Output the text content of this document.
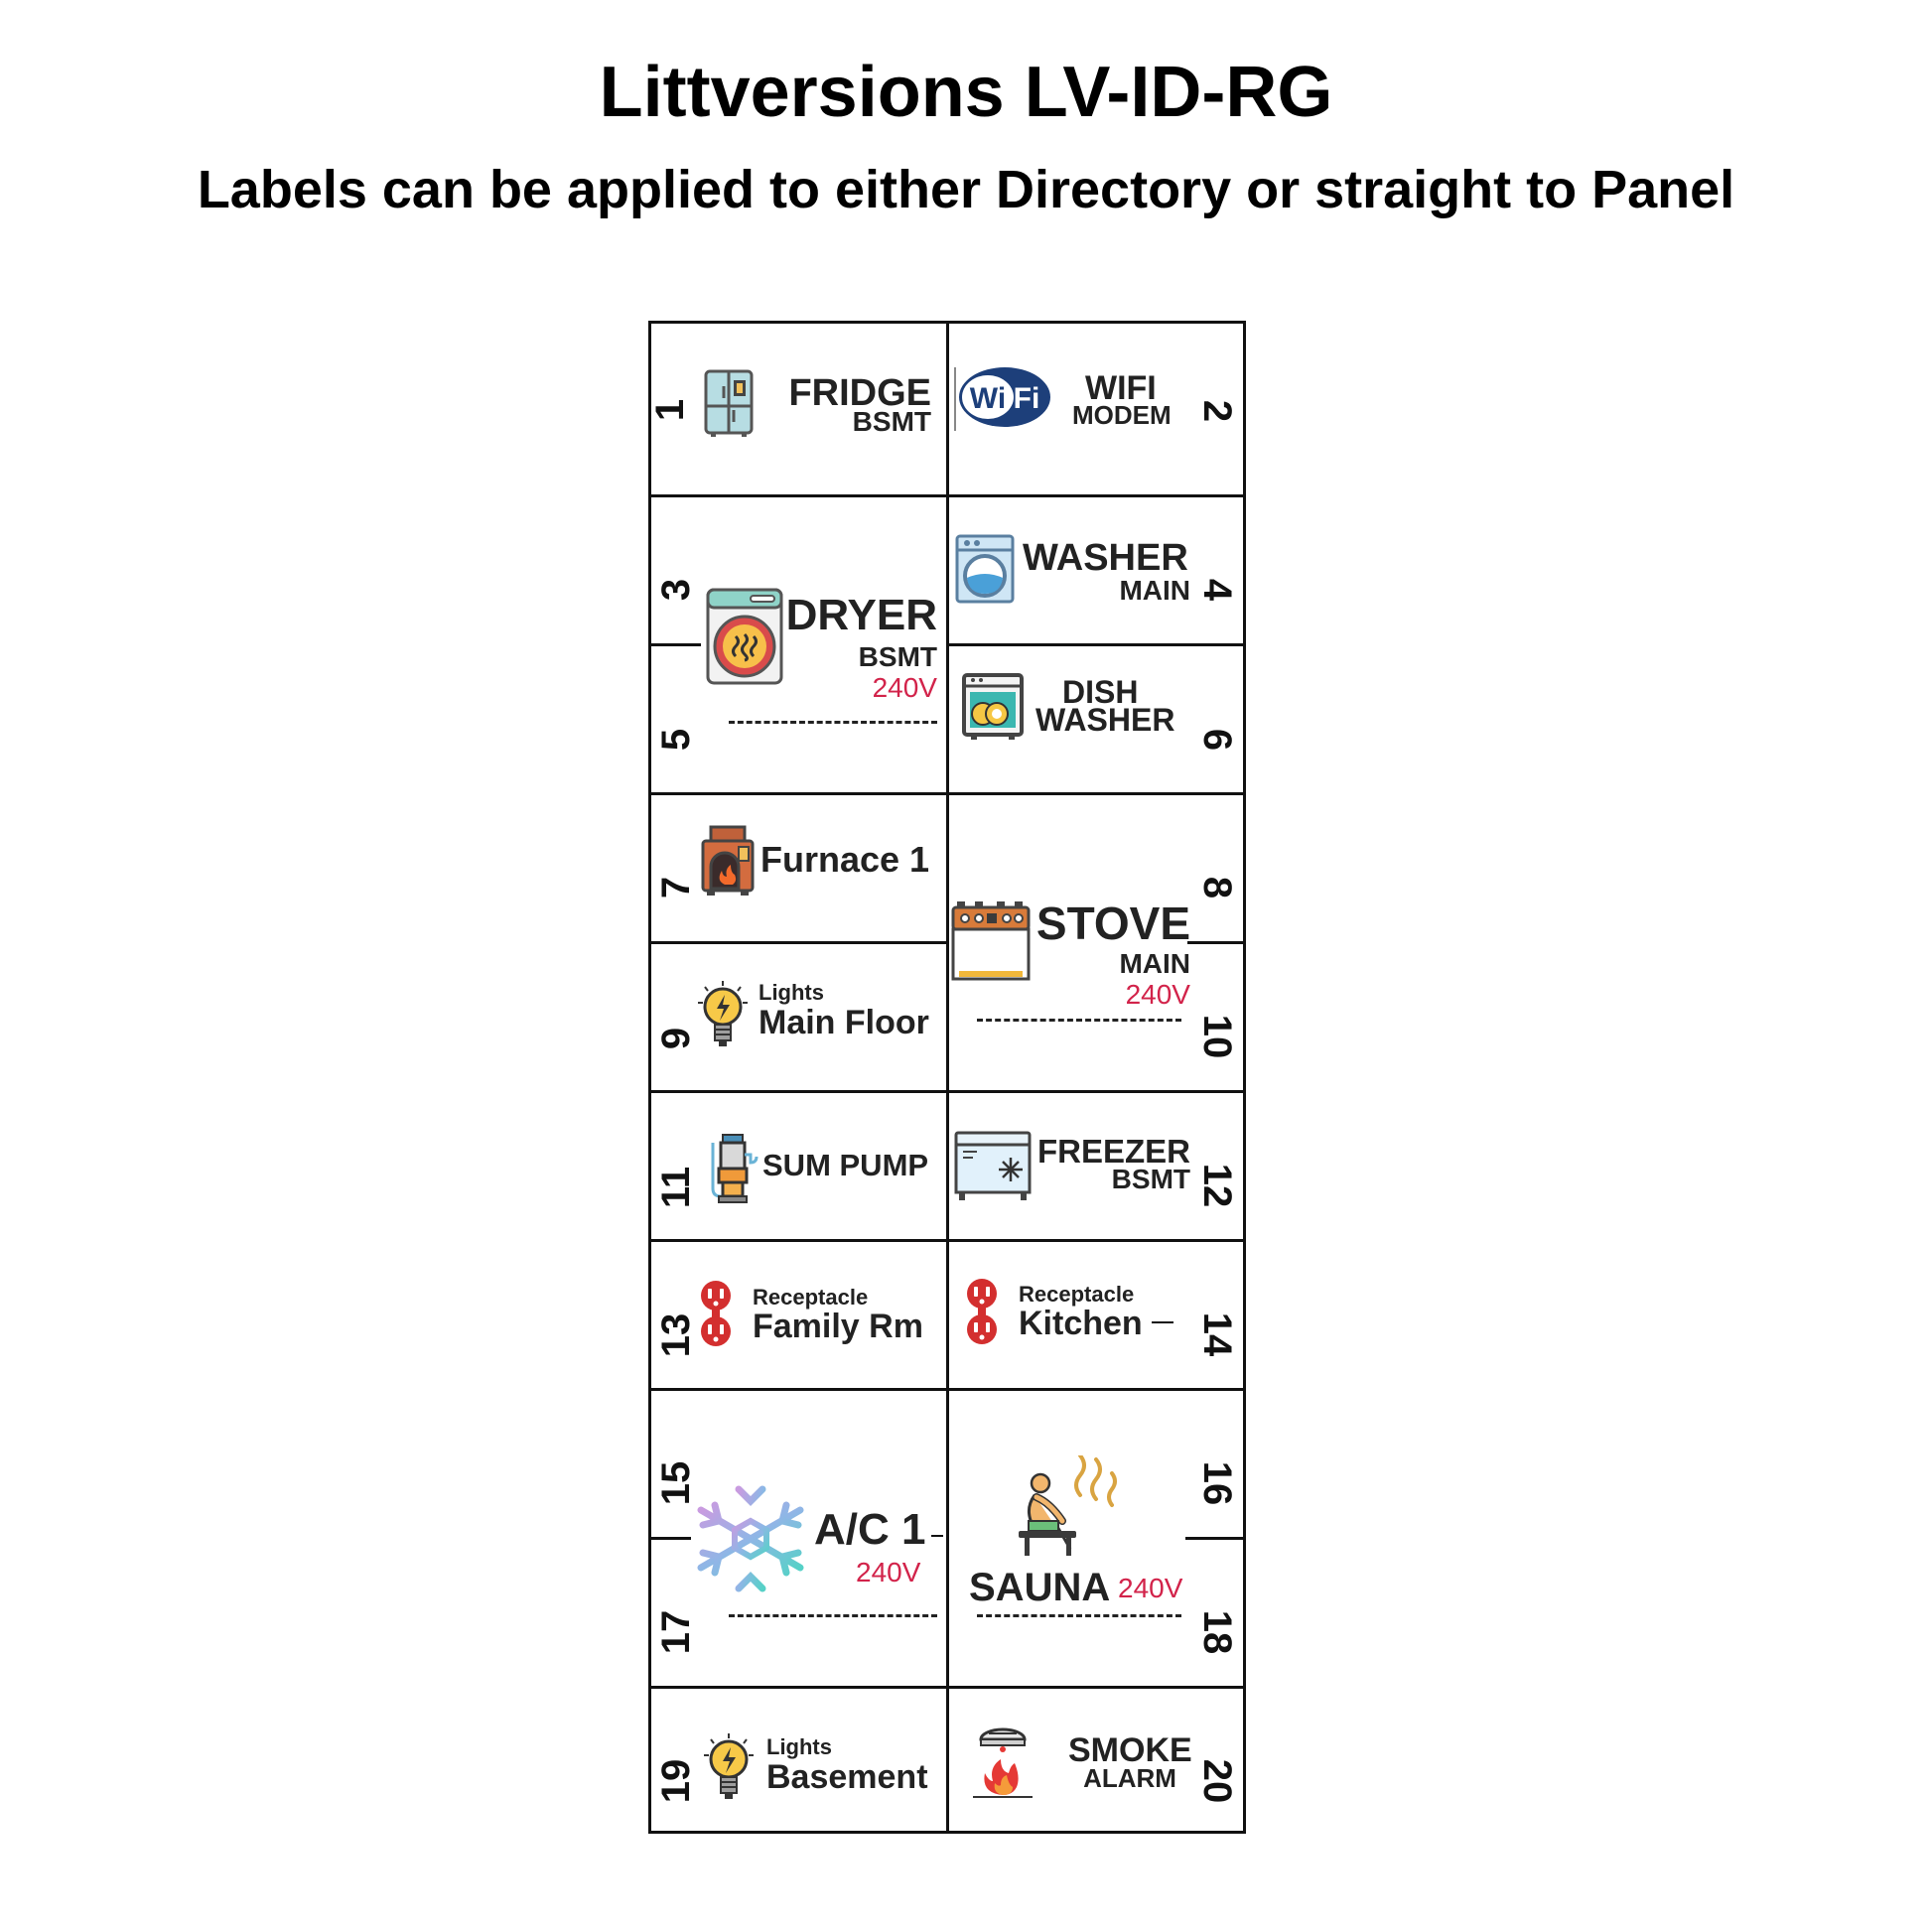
Littversions LV-ID-RG
Labels can be applied to either Directory or straight to Panel
1
3
5
7
9
11
13
15
17
19
2
4
6
8
10
12
14
16
18
20
FRIDGE
BSMT
Wi Fi WIFI
MODEM
DRYER
BSMT
240V
WASHER
MAIN
DISH
WASHER
Furnace 1
STOVE
MAIN
240V
Lights
Main Floor
SUM PUMP	FREEZER
BSMT
Receptacle
Family Rm
Receptacle
Kitchen
A/C 1
240V SAUNA 240V
Lights
Basement
SMOKE
ALARM
